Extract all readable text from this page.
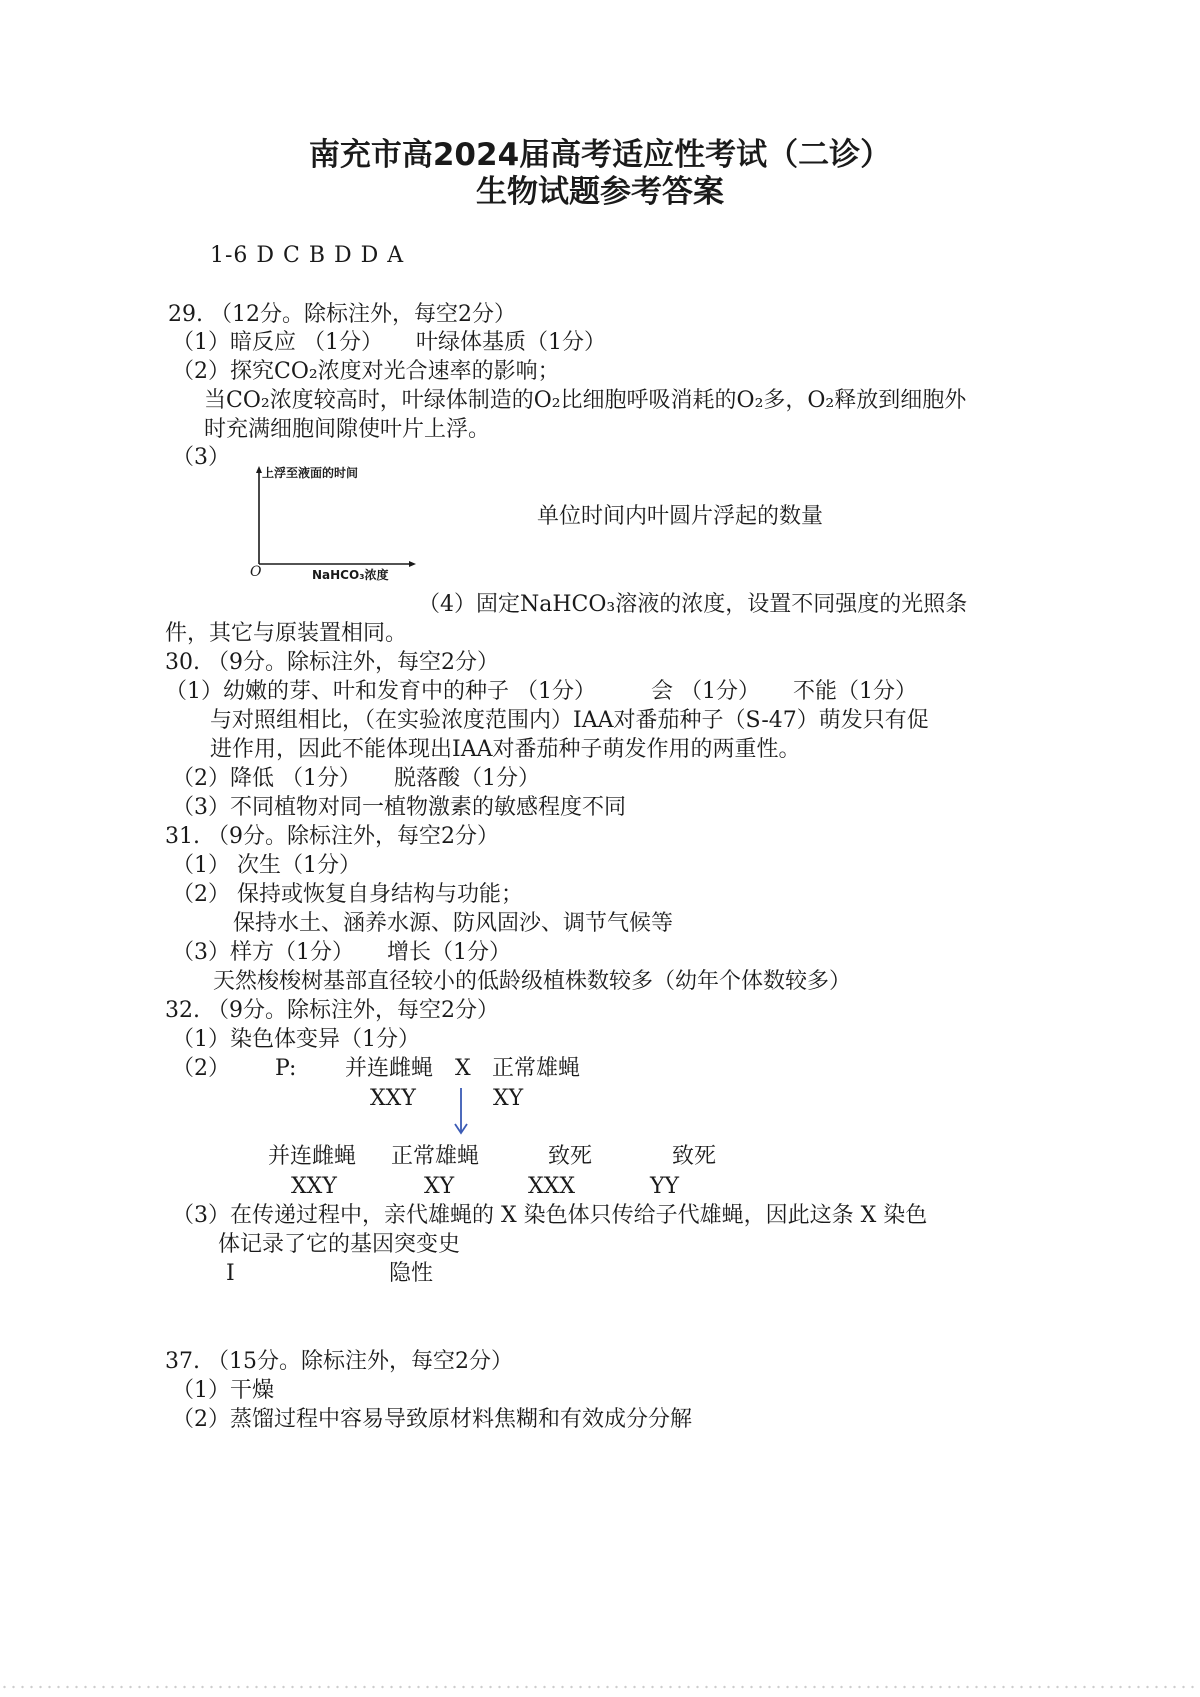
南充市高2024届高考适应性考试（二诊）
生物试题参考答案
1-6 D C B D D A
29. （12分。除标注外，每空2分）
（1）暗反应 （1分）　　叶绿体基质（1分）
（2）探究CO₂浓度对光合速率的影响；
当CO₂浓度较高时，叶绿体制造的O₂比细胞呼吸消耗的O₂多，O₂释放到细胞外
时充满细胞间隙使叶片上浮。
（3）
上浮至液面的时间
O	NaHCO₃浓度
单位时间内叶圆片浮起的数量
（4）固定NaHCO₃溶液的浓度，设置不同强度的光照条
件，其它与原装置相同。
30. （9分。除标注外，每空2分）
（1）幼嫩的芽、叶和发育中的种子 （1分）　　　会 （1分）　　不能（1分）
与对照组相比，（在实验浓度范围内）IAA对番茄种子（S-47）萌发只有促
进作用，因此不能体现出IAA对番茄种子萌发作用的两重性。
（2）降低 （1分）　　脱落酸（1分）
（3）不同植物对同一植物激素的敏感程度不同
31. （9分。除标注外，每空2分）
（1） 次生（1分）
（2） 保持或恢复自身结构与功能；
保持水土、涵养水源、防风固沙、调节气候等
（3）样方（1分）　　增长（1分）
天然梭梭树基部直径较小的低龄级植株数较多（幼年个体数较多）
32. （9分。除标注外，每空2分）
（1）染色体变异（1分）
（2） P: 并连雌蝇 X 正常雄蝇
XXY	XY
并连雌蝇 正常雄蝇	致死	致死
XXY	XY	XXX	YY
（3）在传递过程中，亲代雄蝇的 X 染色体只传给子代雄蝇，因此这条 X 染色
体记录了它的基因突变史
Ⅰ	隐性
37. （15分。除标注外，每空2分）
（1）干燥
（2）蒸馏过程中容易导致原材料焦糊和有效成分分解
